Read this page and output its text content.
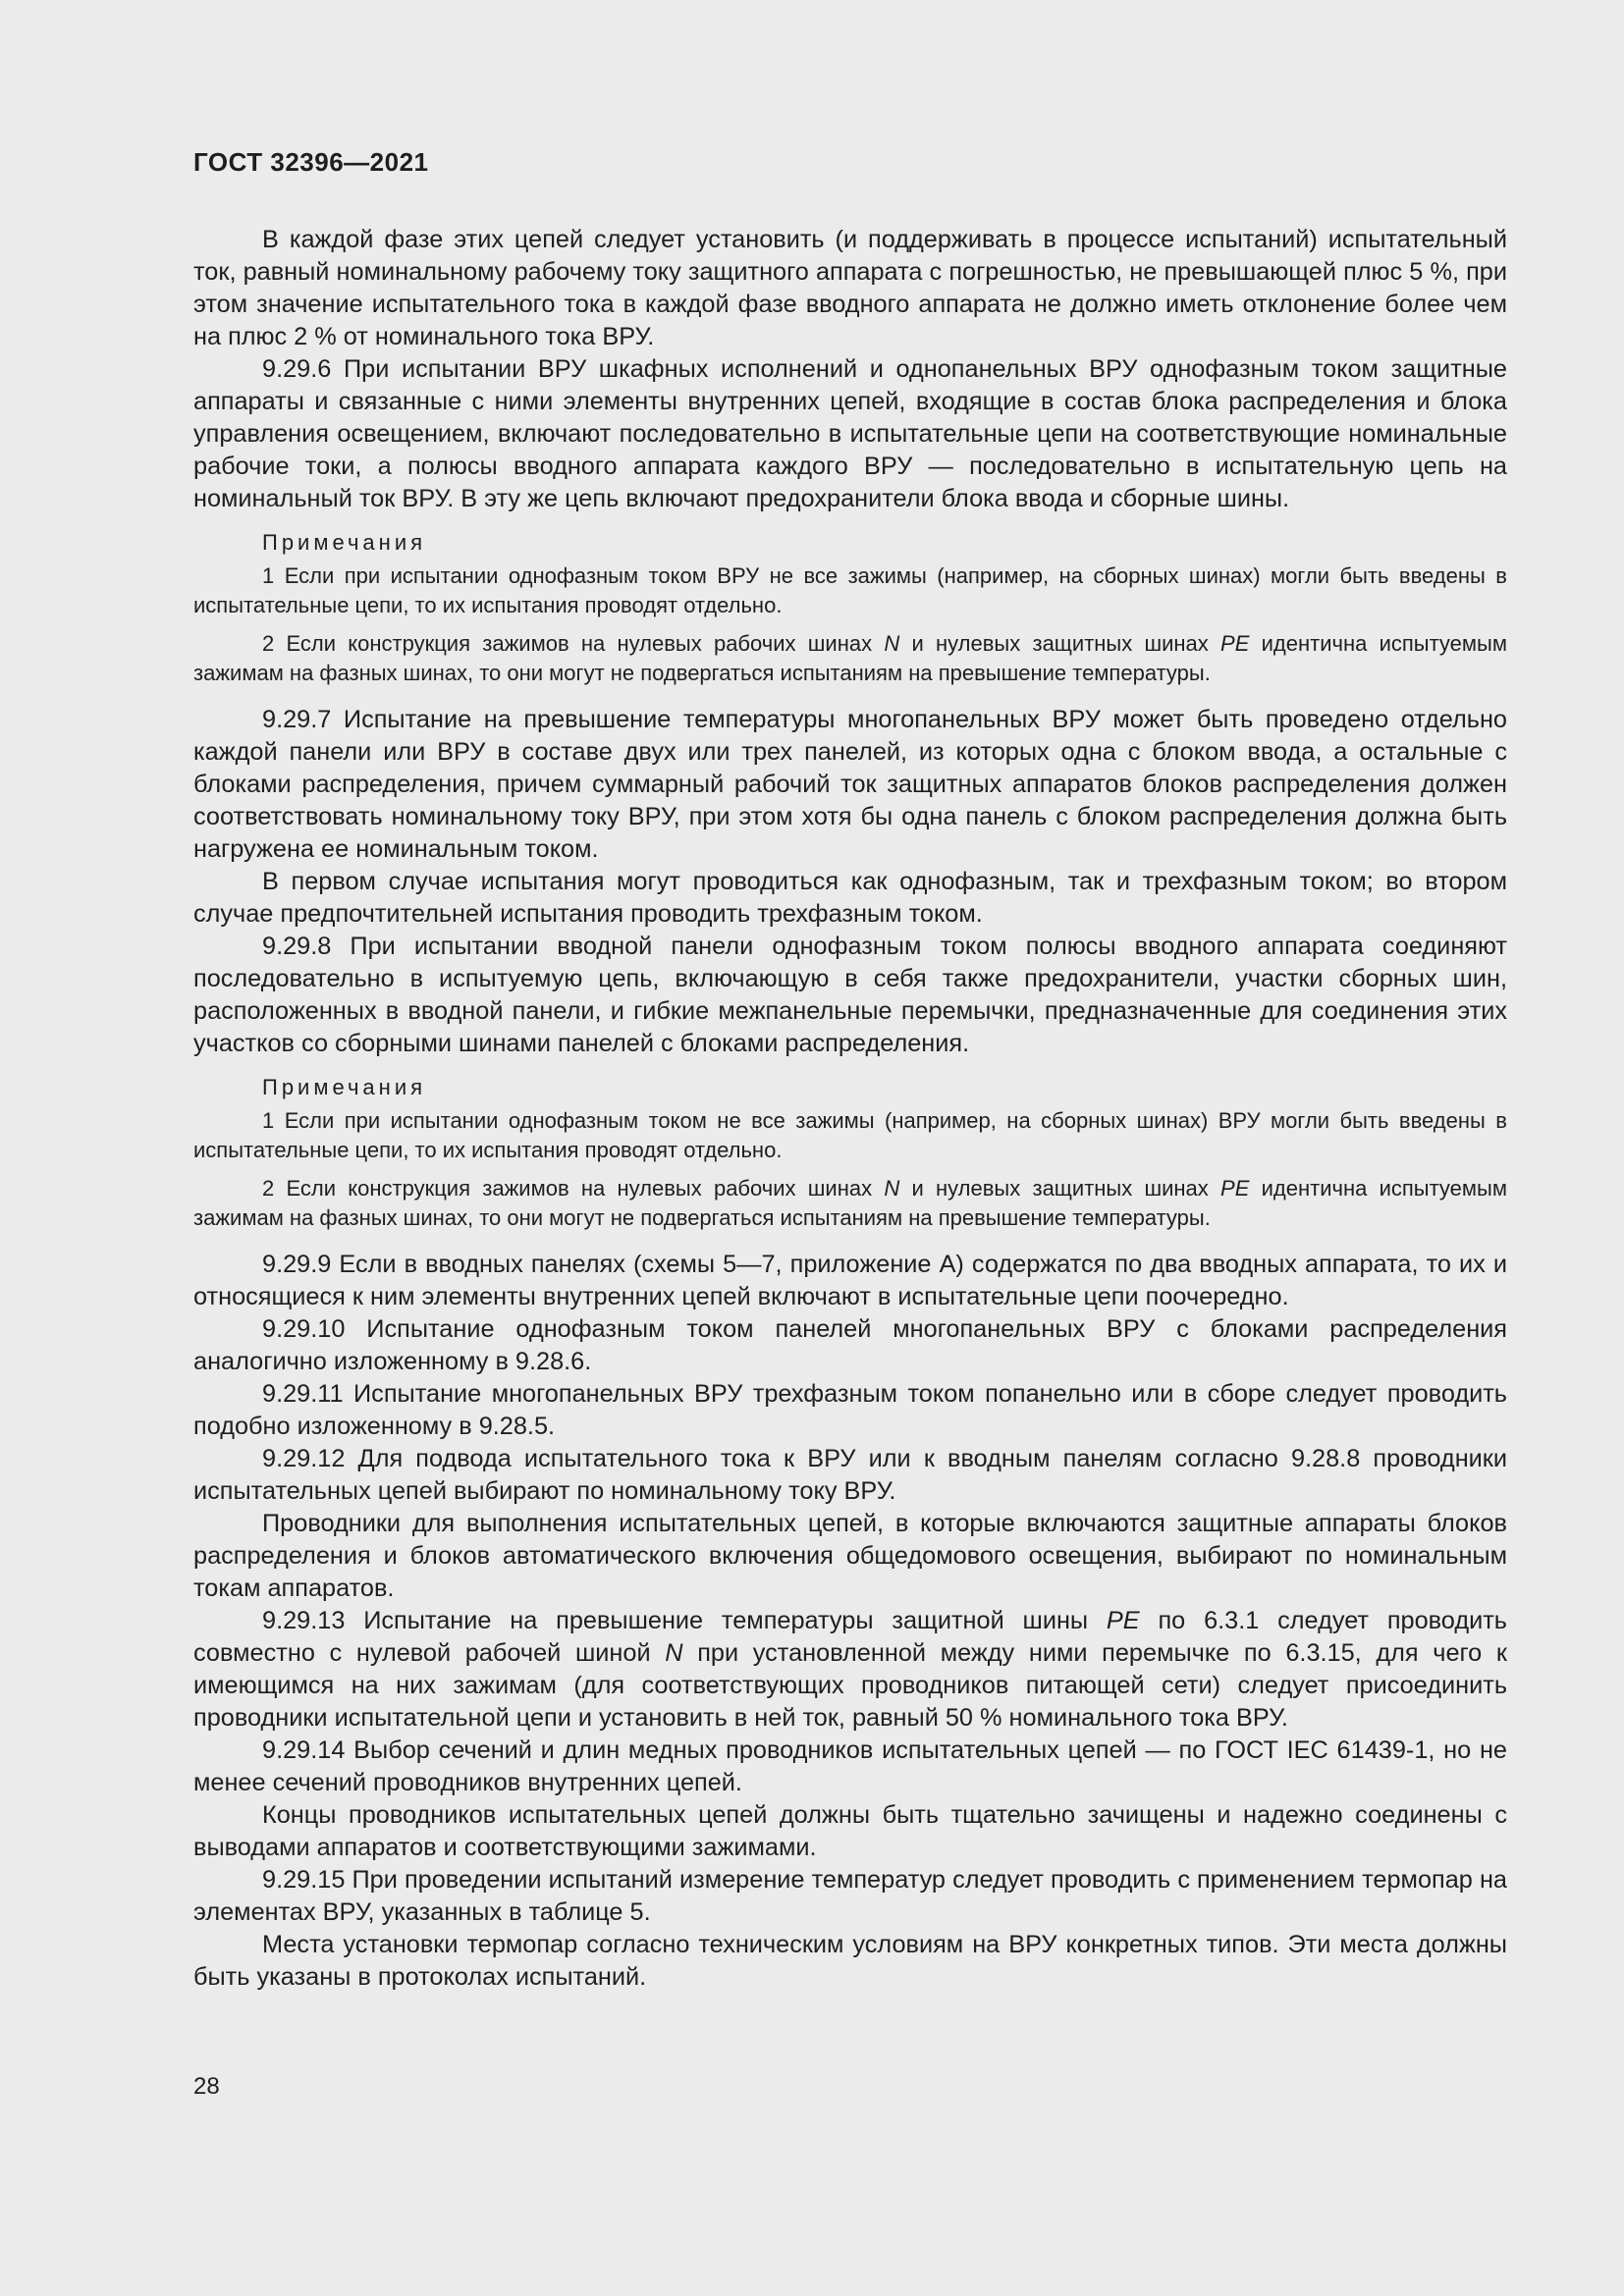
ГОСТ 32396—2021

В каждой фазе этих цепей следует установить (и поддерживать в процессе испытаний) испытательный ток, равный номинальному рабочему току защитного аппарата с погрешностью, не превышающей плюс 5 %, при этом значение испытательного тока в каждой фазе вводного аппарата не должно иметь отклонение более чем на плюс 2 % от номинального тока ВРУ.

9.29.6 При испытании ВРУ шкафных исполнений и однопанельных ВРУ однофазным током защитные аппараты и связанные с ними элементы внутренних цепей, входящие в состав блока распределения и блока управления освещением, включают последовательно в испытательные цепи на соответствующие номинальные рабочие токи, а полюсы вводного аппарата каждого ВРУ — последовательно в испытательную цепь на номинальный ток ВРУ. В эту же цепь включают предохранители блока ввода и сборные шины.

Примечания

1 Если при испытании однофазным током ВРУ не все зажимы (например, на сборных шинах) могли быть введены в испытательные цепи, то их испытания проводят отдельно.

2 Если конструкция зажимов на нулевых рабочих шинах N и нулевых защитных шинах PE идентична испытуемым зажимам на фазных шинах, то они могут не подвергаться испытаниям на превышение температуры.

9.29.7 Испытание на превышение температуры многопанельных ВРУ может быть проведено отдельно каждой панели или ВРУ в составе двух или трех панелей, из которых одна с блоком ввода, а остальные с блоками распределения, причем суммарный рабочий ток защитных аппаратов блоков распределения должен соответствовать номинальному току ВРУ, при этом хотя бы одна панель с блоком распределения должна быть нагружена ее номинальным током.

В первом случае испытания могут проводиться как однофазным, так и трехфазным током; во втором случае предпочтительней испытания проводить трехфазным током.

9.29.8 При испытании вводной панели однофазным током полюсы вводного аппарата соединяют последовательно в испытуемую цепь, включающую в себя также предохранители, участки сборных шин, расположенных в вводной панели, и гибкие межпанельные перемычки, предназначенные для соединения этих участков со сборными шинами панелей с блоками распределения.

Примечания

1 Если при испытании однофазным током не все зажимы (например, на сборных шинах) ВРУ могли быть введены в испытательные цепи, то их испытания проводят отдельно.

2 Если конструкция зажимов на нулевых рабочих шинах N и нулевых защитных шинах PE идентична испытуемым зажимам на фазных шинах, то они могут не подвергаться испытаниям на превышение температуры.

9.29.9 Если в вводных панелях (схемы 5—7, приложение А) содержатся по два вводных аппарата, то их и относящиеся к ним элементы внутренних цепей включают в испытательные цепи поочередно.

9.29.10 Испытание однофазным током панелей многопанельных ВРУ с блоками распределения аналогично изложенному в 9.28.6.

9.29.11 Испытание многопанельных ВРУ трехфазным током попанельно или в сборе следует проводить подобно изложенному в 9.28.5.

9.29.12 Для подвода испытательного тока к ВРУ или к вводным панелям согласно 9.28.8 проводники испытательных цепей выбирают по номинальному току ВРУ.

Проводники для выполнения испытательных цепей, в которые включаются защитные аппараты блоков распределения и блоков автоматического включения общедомового освещения, выбирают по номинальным токам аппаратов.

9.29.13 Испытание на превышение температуры защитной шины PE по 6.3.1 следует проводить совместно с нулевой рабочей шиной N при установленной между ними перемычке по 6.3.15, для чего к имеющимся на них зажимам (для соответствующих проводников питающей сети) следует присоединить проводники испытательной цепи и установить в ней ток, равный 50 % номинального тока ВРУ.

9.29.14 Выбор сечений и длин медных проводников испытательных цепей — по ГОСТ IEC 61439-1, но не менее сечений проводников внутренних цепей.

Концы проводников испытательных цепей должны быть тщательно зачищены и надежно соединены с выводами аппаратов и соответствующими зажимами.

9.29.15 При проведении испытаний измерение температур следует проводить с применением термопар на элементах ВРУ, указанных в таблице 5.

Места установки термопар согласно техническим условиям на ВРУ конкретных типов. Эти места должны быть указаны в протоколах испытаний.

28
